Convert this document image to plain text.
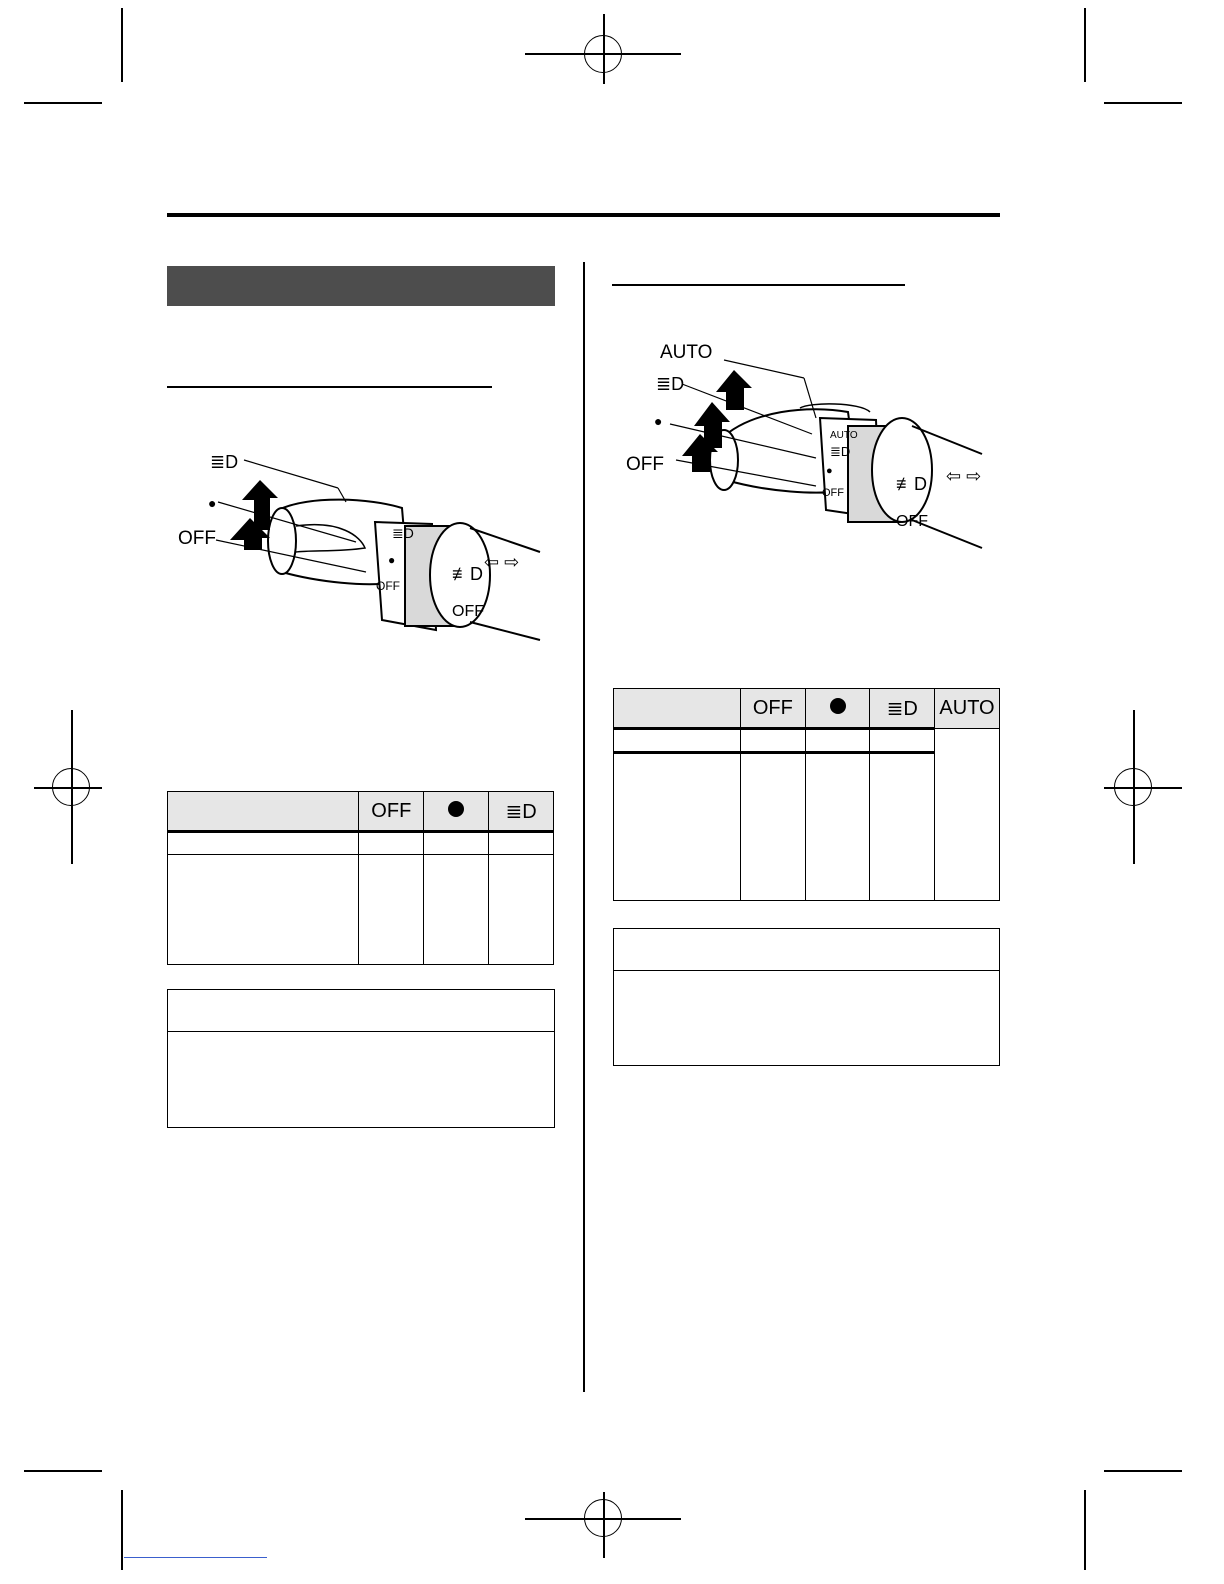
≣D
●
OFF	≣D
●
OFF
≢D
OFF
⇦ ⇨
	OFF		≣D

AUTO
≣D
●
OFF
AUTO
≣D
●
OFF	≢D
OFF
⇦ ⇨
	OFF		≣D	AUTO
